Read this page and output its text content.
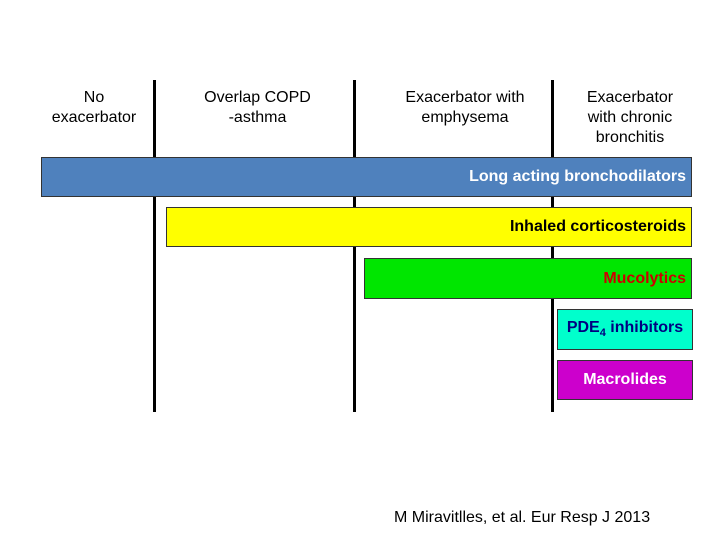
No
exacerbator
Overlap COPD
-asthma
Exacerbator with
emphysema
Exacerbator
with chronic
bronchitis
Long acting bronchodilators
Inhaled corticosteroids
Mucolytics
$PDE_4$ inhibitors
Macrolides
M Miravitlles, et al. Eur Resp J 2013
